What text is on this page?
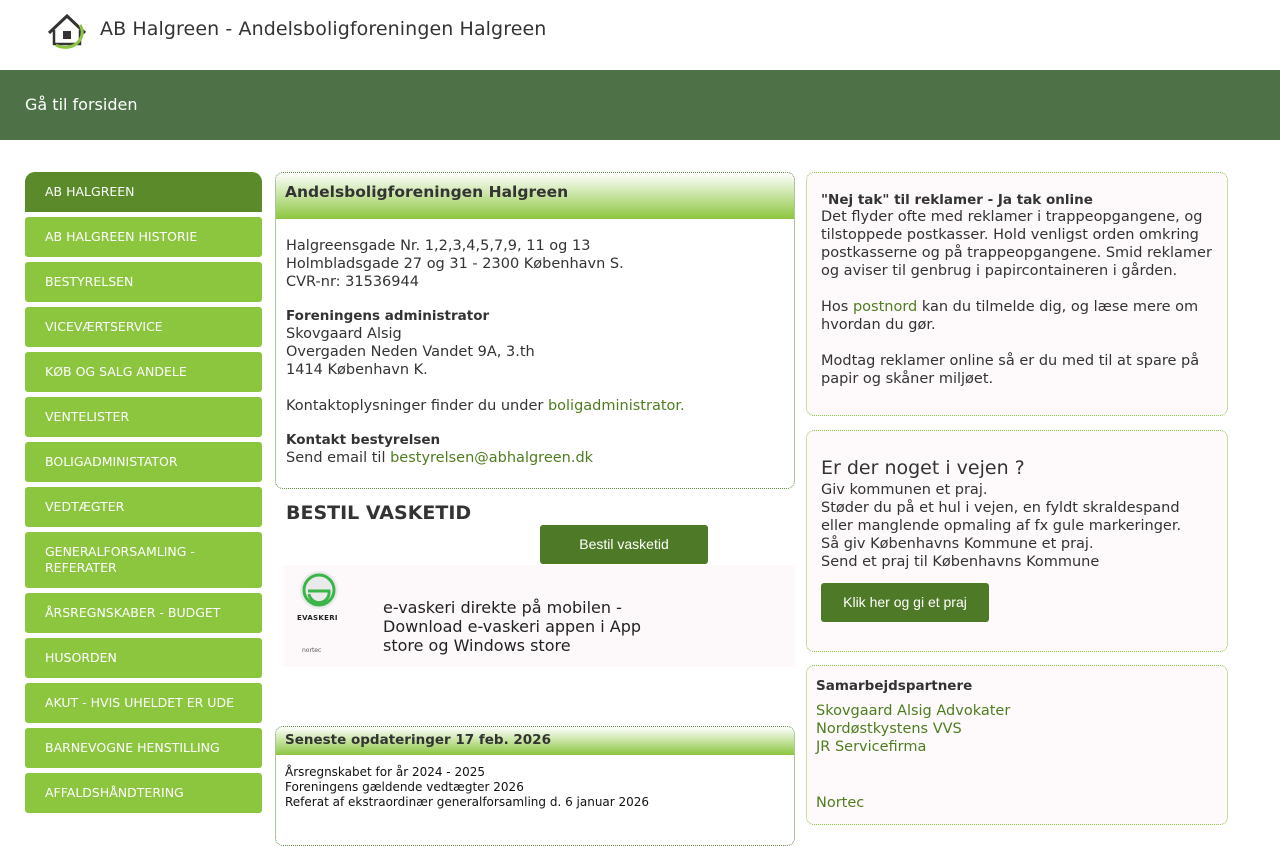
AB Halgreen - Andelsboligforeningen Halgreen
Gå til forsiden
AB HALGREEN
AB HALGREEN HISTORIE
BESTYRELSEN
VICEVÆRTSERVICE
KØB OG SALG ANDELE
VENTELISTER
BOLIGADMINISTATOR
VEDTÆGTER
GENERALFORSAMLING - REFERATER
ÅRSREGNSKABER - BUDGET
HUSORDEN
AKUT - HVIS UHELDET ER UDE
BARNEVOGNE HENSTILLING
AFFALDSHÅNDTERING
Andelsboligforeningen Halgreen
Halgreensgade Nr. 1,2,3,4,5,7,9, 11 og 13
Holmbladsgade 27 og 31 - 2300 København S.
CVR-nr: 31536944
Foreningens administrator
Skovgaard Alsig
Overgaden Neden Vandet 9A, 3.th
1414 København K.
Kontaktoplysninger finder du under boligadministrator.
Kontakt bestyrelsen
Send email til bestyrelsen@abhalgreen.dk
BESTIL VASKETID
Bestil vasketid
EVASKERI
nortec
e-vaskeri direkte på mobilen - Download e-vaskeri appen i App store og Windows store
Seneste opdateringer 17 feb. 2026
Årsregnskabet for år 2024 - 2025
Foreningens gældende vedtægter 2026
Referat af ekstraordinær generalforsamling d. 6 januar 2026
"Nej tak" til reklamer - Ja tak online
Det flyder ofte med reklamer i trappeopgangene, og tilstoppede postkasser. Hold venligst orden omkring postkasserne og på trappeopgangene. Smid reklamer og aviser til genbrug i papircontaineren i gården.
Hos postnord kan du tilmelde dig, og læse mere om hvordan du gør.
Modtag reklamer online så er du med til at spare på papir og skåner miljøet.
Er der noget i vejen ?
Giv kommunen et praj.
Støder du på et hul i vejen, en fyldt skraldespand eller manglende opmaling af fx gule markeringer.
Så giv Københavns Kommune et praj.
Send et praj til Københavns Kommune
Klik her og gi et praj
Samarbejdspartnere
Skovgaard Alsig Advokater
Nordøstkystens VVS
JR Servicefirma
Nortec
